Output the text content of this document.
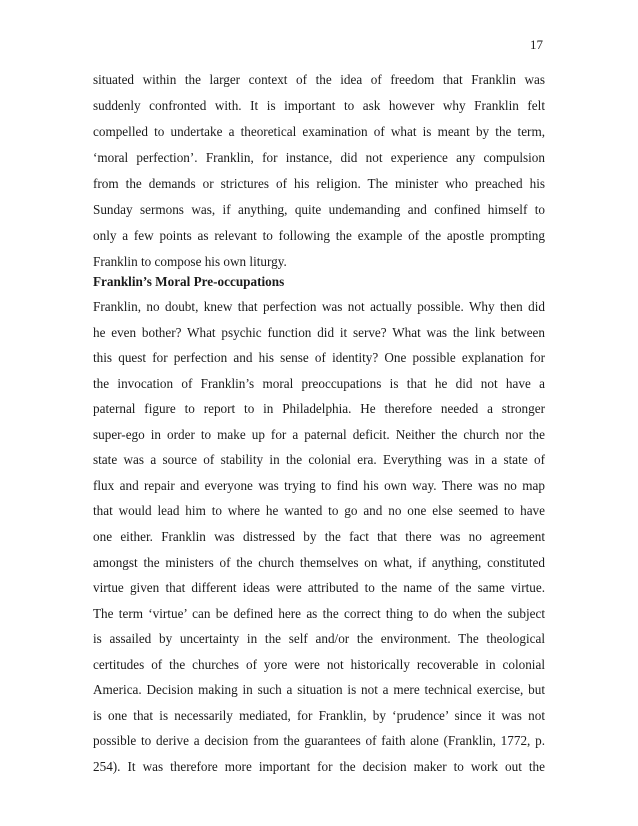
17
situated within the larger context of the idea of freedom that Franklin was
suddenly confronted with. It is important to ask however why Franklin felt
compelled to undertake a theoretical examination of what is meant by the term,
‘moral perfection’. Franklin, for instance, did not experience any compulsion
from the demands or strictures of his religion. The minister who preached his
Sunday sermons was, if anything, quite undemanding and confined himself to
only a few points as relevant to following the example of the apostle prompting
Franklin to compose his own liturgy.
Franklin’s Moral Pre-occupations
Franklin, no doubt, knew that perfection was not actually possible. Why then did
he even bother? What psychic function did it serve? What was the link between
this quest for perfection and his sense of identity? One possible explanation for
the invocation of Franklin’s moral preoccupations is that he did not have a
paternal figure to report to in Philadelphia. He therefore needed a stronger
super-ego in order to make up for a paternal deficit. Neither the church nor the
state was a source of stability in the colonial era. Everything was in a state of
flux and repair and everyone was trying to find his own way. There was no map
that would lead him to where he wanted to go and no one else seemed to have
one either. Franklin was distressed by the fact that there was no agreement
amongst the ministers of the church themselves on what, if anything, constituted
virtue given that different ideas were attributed to the name of the same virtue.
The term ‘virtue’ can be defined here as the correct thing to do when the subject
is assailed by uncertainty in the self and/or the environment. The theological
certitudes of the churches of yore were not historically recoverable in colonial
America. Decision making in such a situation is not a mere technical exercise, but
is one that is necessarily mediated, for Franklin, by ‘prudence’ since it was not
possible to derive a decision from the guarantees of faith alone (Franklin, 1772, p.
254). It was therefore more important for the decision maker to work out the
